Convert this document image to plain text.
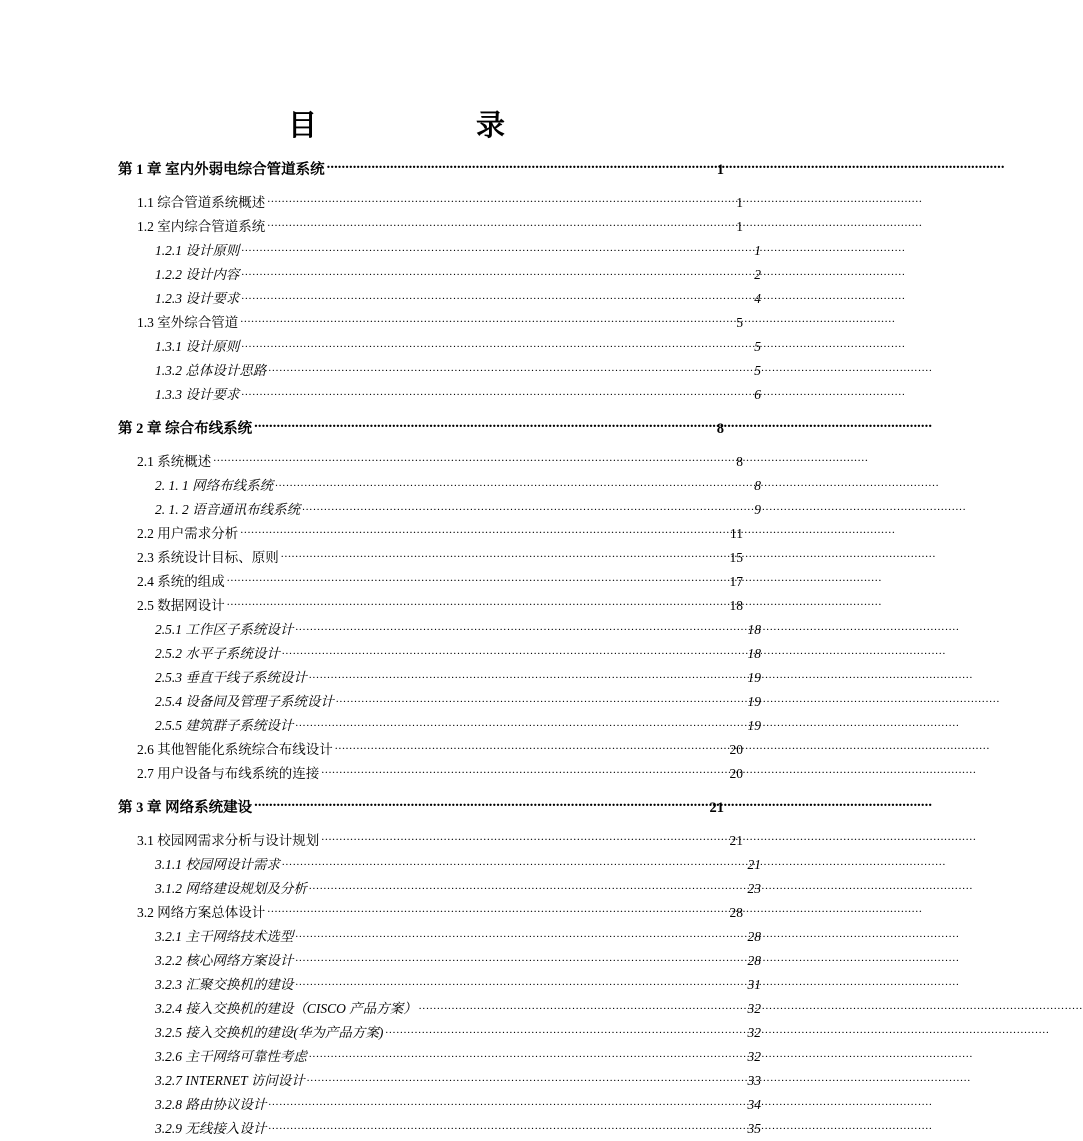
目    录
第 1 章 室内外弱电综合管道系统 .....	1
1.1 综合管道系统概述 .....	1
1.2 室内综合管道系统 .....	1
1.2.1 设计原则 .....	1
1.2.2 设计内容 .....	2
1.2.3 设计要求 .....	4
1.3 室外综合管道 .....	5
1.3.1 设计原则 .....	5
1.3.2 总体设计思路 .....	5
1.3.3 设计要求 .....	6
第 2 章 综合布线系统 .....	8
2.1 系统概述 .....	8
2. 1. 1 网络布线系统 .....	8
2. 1. 2 语音通讯布线系统 .....	9
2.2 用户需求分析 .....	11
2.3 系统设计目标、原则 .....	15
2.4 系统的组成 .....	17
2.5 数据网设计 .....	18
2.5.1 工作区子系统设计 .....	18
2.5.2 水平子系统设计 .....	18
2.5.3 垂直干线子系统设计 .....	19
2.5.4 设备间及管理子系统设计 .....	19
2.5.5 建筑群子系统设计 .....	19
2.6 其他智能化系统综合布线设计 .....	20
2.7 用户设备与布线系统的连接 .....	20
第 3 章 网络系统建设 .....	21
3.1 校园网需求分析与设计规划 .....	21
3.1.1 校园网设计需求 .....	21
3.1.2 网络建设规划及分析 .....	23
3.2 网络方案总体设计 .....	28
3.2.1 主干网络技术选型 .....	28
3.2.2 核心网络方案设计 .....	28
3.2.3 汇聚交换机的建设 .....	31
3.2.4 接入交换机的建设（CISCO 产品方案） .....	32
3.2.5 接入交换机的建设(华为产品方案) .....	32
3.2.6 主干网络可靠性考虑 .....	32
3.2.7 INTERNET 访问设计 .....	33
3.2.8 路由协议设计 .....	34
3.2.9 无线接入设计 .....	35
